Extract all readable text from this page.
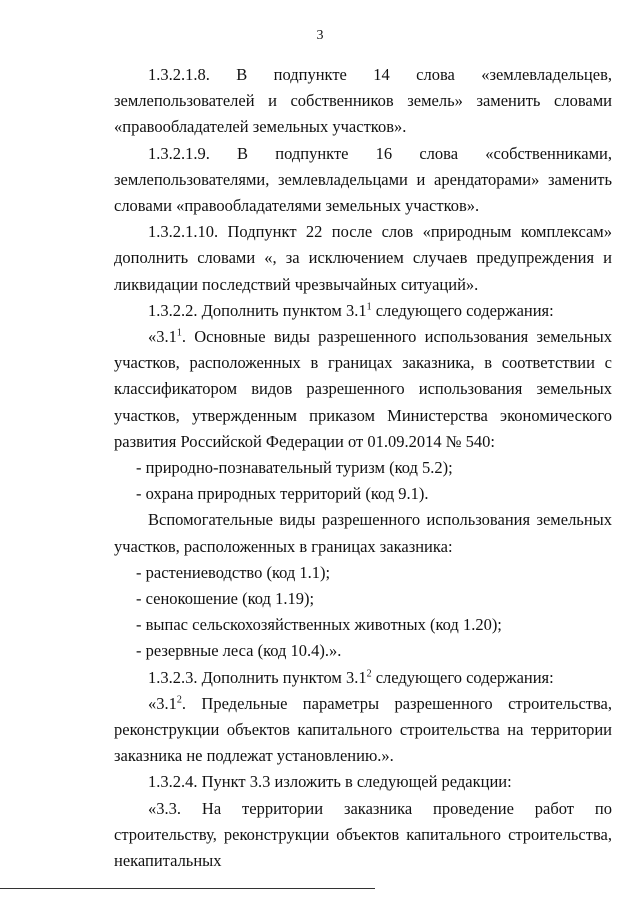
3

1.3.2.1.8. В подпункте 14 слова «землевладельцев, землепользователей и собственников земель» заменить словами «правообладателей земельных участков».

1.3.2.1.9. В подпункте 16 слова «собственниками, землепользователями, землевладельцами и арендаторами» заменить словами «правообладателями земельных участков».

1.3.2.1.10. Подпункт 22 после слов «природным комплексам» дополнить словами «, за исключением случаев предупреждения и ликвидации последствий чрезвычайных ситуаций».

1.3.2.2. Дополнить пунктом $3.1^1$ следующего содержания:

«$3.1^1$. Основные виды разрешенного использования земельных участков, расположенных в границах заказника, в соответствии с классификатором видов разрешенного использования земельных участков, утвержденным приказом Министерства экономического развития Российской Федерации от 01.09.2014 № 540:

- природно-познавательный туризм (код 5.2);

- охрана природных территорий (код 9.1).

Вспомогательные виды разрешенного использования земельных участков, расположенных в границах заказника:

- растениеводство (код 1.1);

- сенокошение (код 1.19);

- выпас сельскохозяйственных животных (код 1.20);

- резервные леса (код 10.4).».

1.3.2.3. Дополнить пунктом $3.1^2$ следующего содержания:

«$3.1^2$. Предельные параметры разрешенного строительства, реконструкции объектов капитального строительства на территории заказника не подлежат установлению.».

1.3.2.4. Пункт 3.3 изложить в следующей редакции:

«3.3. На территории заказника проведение работ по строительству, реконструкции объектов капитального строительства, некапитальных
